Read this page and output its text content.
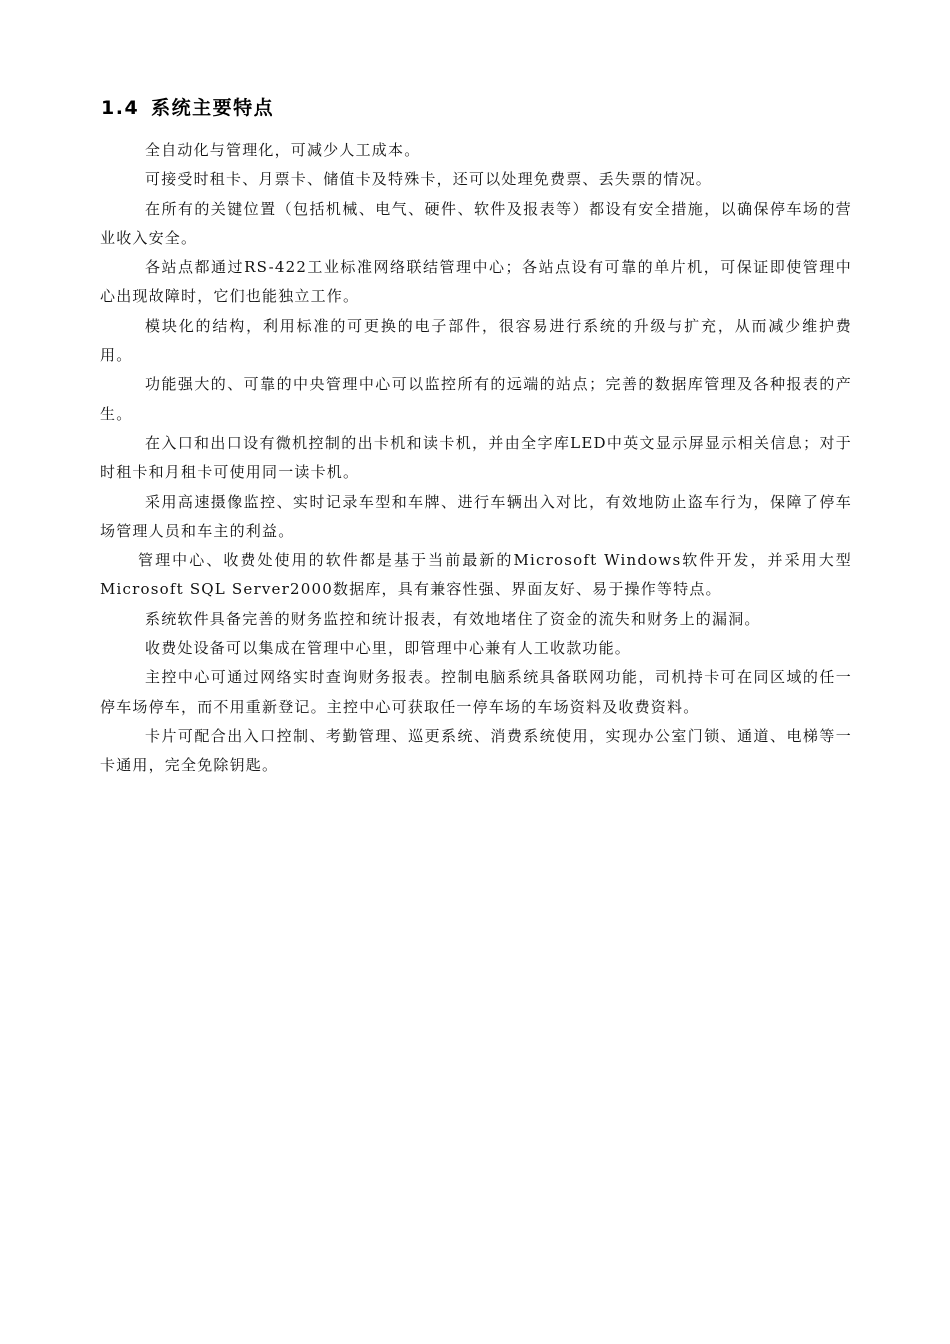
1.4 系统主要特点

全自动化与管理化，可减少人工成本。

可接受时租卡、月票卡、储值卡及特殊卡，还可以处理免费票、丢失票的情况。

在所有的关键位置（包括机械、电气、硬件、软件及报表等）都设有安全措施，以确保停车场的营业收入安全。

各站点都通过RS-422工业标准网络联结管理中心；各站点设有可靠的单片机，可保证即使管理中心出现故障时，它们也能独立工作。

模块化的结构，利用标准的可更换的电子部件，很容易进行系统的升级与扩充，从而减少维护费用。

功能强大的、可靠的中央管理中心可以监控所有的远端的站点；完善的数据库管理及各种报表的产生。

在入口和出口设有微机控制的出卡机和读卡机，并由全字库LED中英文显示屏显示相关信息；对于时租卡和月租卡可使用同一读卡机。

采用高速摄像监控、实时记录车型和车牌、进行车辆出入对比，有效地防止盗车行为，保障了停车场管理人员和车主的利益。

管理中心、收费处使用的软件都是基于当前最新的Microsoft Windows软件开发，并采用大型Microsoft SQL Server2000数据库，具有兼容性强、界面友好、易于操作等特点。

系统软件具备完善的财务监控和统计报表，有效地堵住了资金的流失和财务上的漏洞。

收费处设备可以集成在管理中心里，即管理中心兼有人工收款功能。

主控中心可通过网络实时查询财务报表。控制电脑系统具备联网功能，司机持卡可在同区域的任一停车场停车，而不用重新登记。主控中心可获取任一停车场的车场资料及收费资料。

卡片可配合出入口控制、考勤管理、巡更系统、消费系统使用，实现办公室门锁、通道、电梯等一卡通用，完全免除钥匙。
